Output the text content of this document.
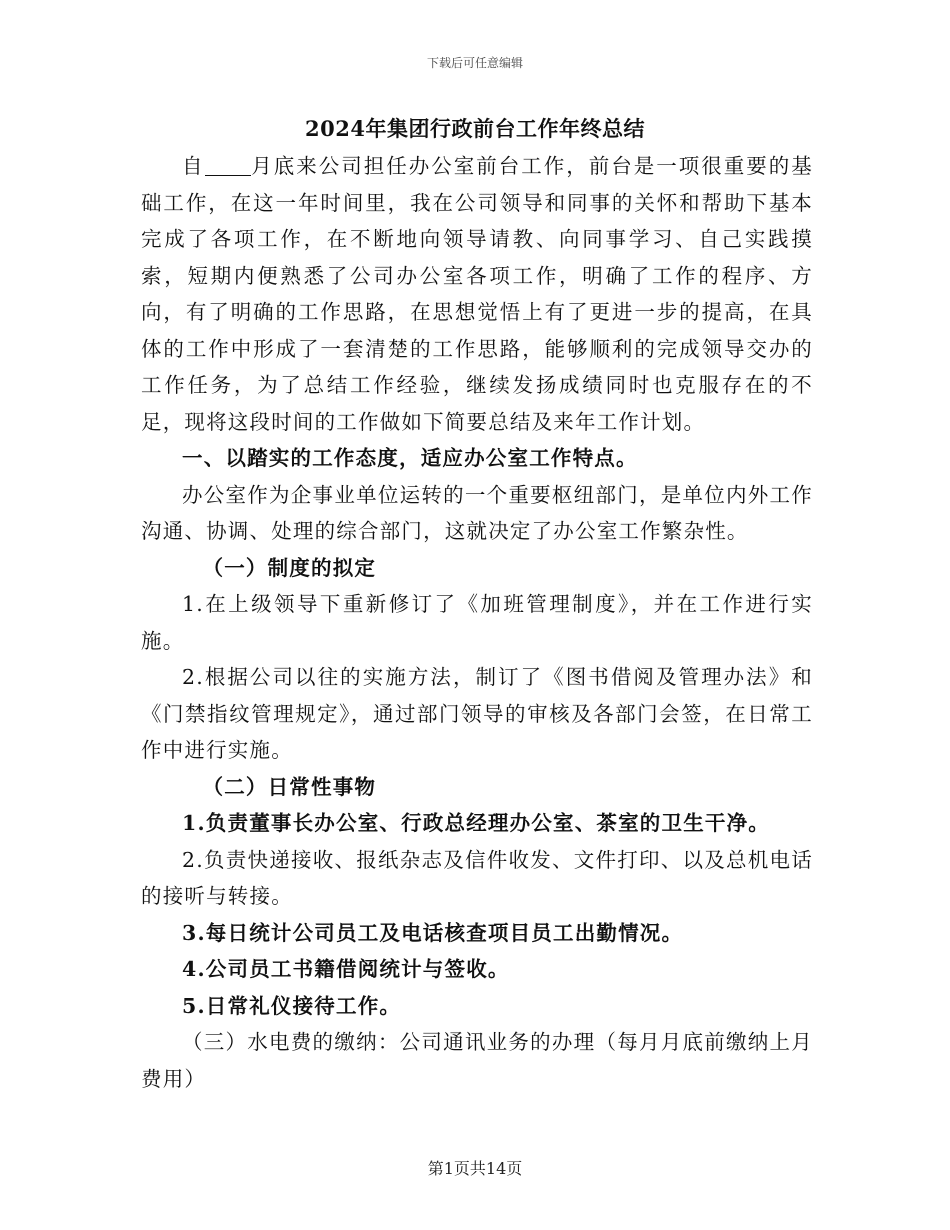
下载后可任意编辑
2024年集团行政前台工作年终总结

自 月底来公司担任办公室前台工作，前台是一项很重要的基础工作，在这一年时间里，我在公司领导和同事的关怀和帮助下基本完成了各项工作，在不断地向领导请教、向同事学习、自己实践摸索，短期内便熟悉了公司办公室各项工作，明确了工作的程序、方向，有了明确的工作思路，在思想觉悟上有了更进一步的提高，在具体的工作中形成了一套清楚的工作思路，能够顺利的完成领导交办的工作任务，为了总结工作经验，继续发扬成绩同时也克服存在的不足，现将这段时间的工作做如下简要总结及来年工作计划。

一、以踏实的工作态度，适应办公室工作特点。

办公室作为企事业单位运转的一个重要枢纽部门，是单位内外工作沟通、协调、处理的综合部门，这就决定了办公室工作繁杂性。

（一）制度的拟定

1.在上级领导下重新修订了《加班管理制度》，并在工作进行实施。

2.根据公司以往的实施方法，制订了《图书借阅及管理办法》和《门禁指纹管理规定》，通过部门领导的审核及各部门会签，在日常工作中进行实施。

（二）日常性事物

1.负责董事长办公室、行政总经理办公室、茶室的卫生干净。

2.负责快递接收、报纸杂志及信件收发、文件打印、以及总机电话的接听与转接。

3.每日统计公司员工及电话核查项目员工出勤情况。

4.公司员工书籍借阅统计与签收。

5.日常礼仪接待工作。

（三）水电费的缴纳：公司通讯业务的办理（每月月底前缴纳上月费用）

第1页共14页
